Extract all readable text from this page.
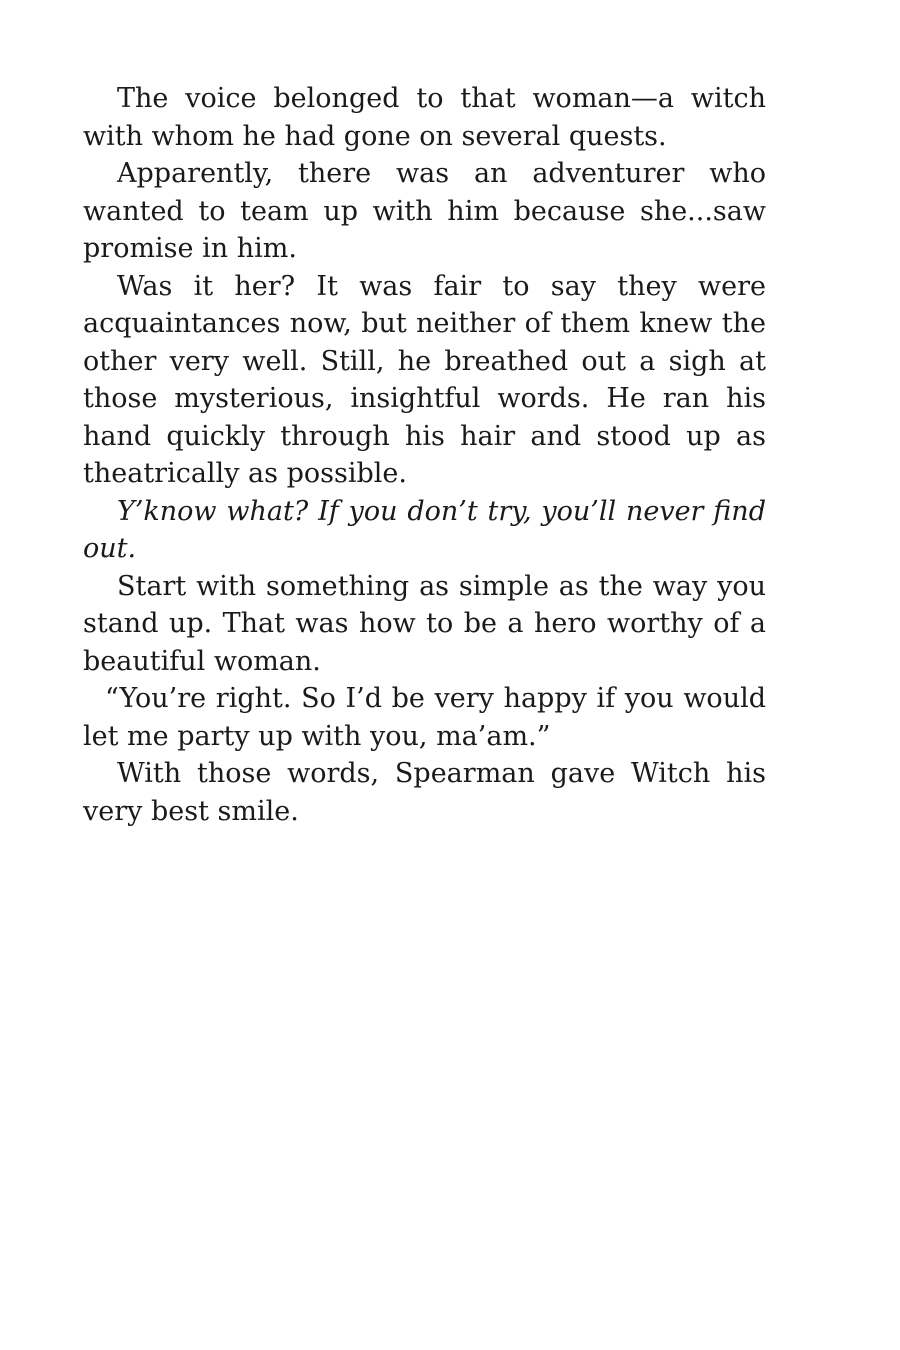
The voice belonged to that woman—a witch with whom he had gone on several quests.

Apparently, there was an adventurer who wanted to team up with him because she...saw promise in him.

Was it her? It was fair to say they were acquaintances now, but neither of them knew the other very well. Still, he breathed out a sigh at those mysterious, insightful words. He ran his hand quickly through his hair and stood up as theatrically as possible.

Y’know what? If you don’t try, you’ll never find out.

Start with something as simple as the way you stand up. That was how to be a hero worthy of a beautiful woman.

“You’re right. So I’d be very happy if you would let me party up with you, ma’am.”

With those words, Spearman gave Witch his very best smile.
